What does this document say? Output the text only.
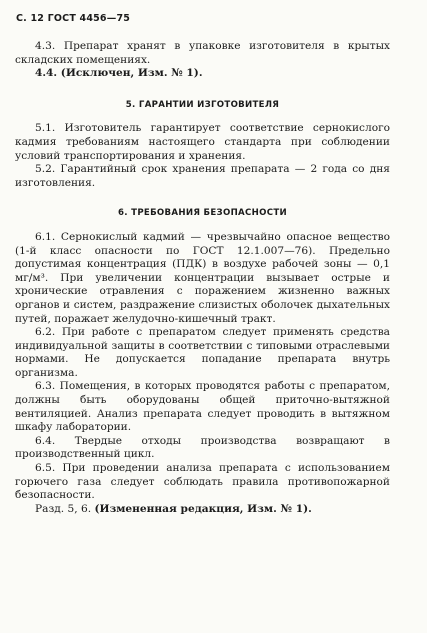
С. 12 ГОСТ 4456—75

4.3. Препарат хранят в упаковке изготовителя в крытых складских помещениях.

4.4. (Исключен, Изм. № 1).

5. ГАРАНТИИ ИЗГОТОВИТЕЛЯ

5.1. Изготовитель гарантирует соответствие сернокислого кадмия требованиям настоящего стандарта при соблюдении условий транспортирования и хранения.

5.2. Гарантийный срок хранения препарата — 2 года со дня изготовления.

6. ТРЕБОВАНИЯ БЕЗОПАСНОСТИ

6.1. Сернокислый кадмий — чрезвычайно опасное вещество (1-й класс опасности по ГОСТ 12.1.007—76). Предельно допустимая концентрация (ПДК) в воздухе рабочей зоны — 0,1 мг/м³. При увеличении концентрации вызывает острые и хронические отравления с поражением жизненно важных органов и систем, раздражение слизистых оболочек дыхательных путей, поражает желудочно-кишечный тракт.

6.2. При работе с препаратом следует применять средства индивидуальной защиты в соответствии с типовыми отраслевыми нормами. Не допускается попадание препарата внутрь организма.

6.3. Помещения, в которых проводятся работы с препаратом, должны быть оборудованы общей приточно-вытяжной вентиляцией. Анализ препарата следует проводить в вытяжном шкафу лаборатории.

6.4. Твердые отходы производства возвращают в производственный цикл.

6.5. При проведении анализа препарата с использованием горючего газа следует соблюдать правила противопожарной безопасности.

Разд. 5, 6. (Измененная редакция, Изм. № 1).
